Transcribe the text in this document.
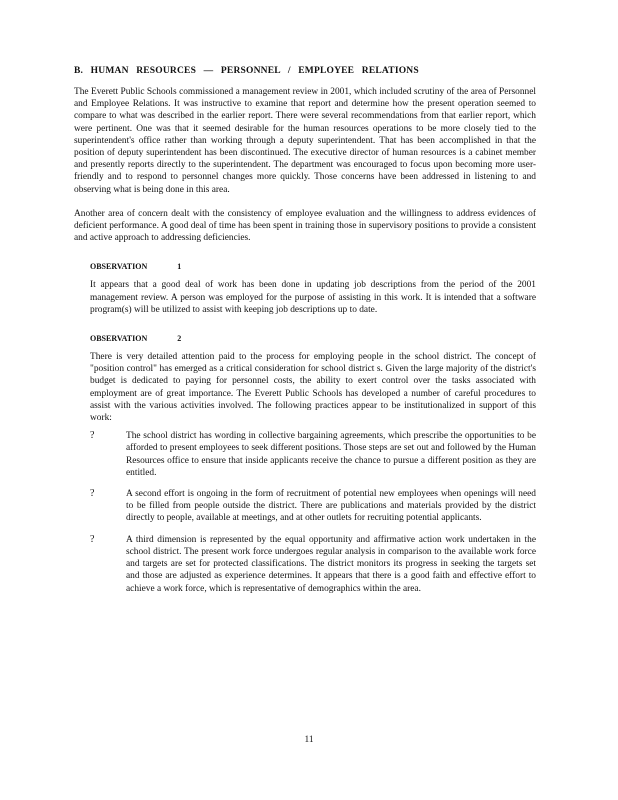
B. HUMAN RESOURCES — PERSONNEL / EMPLOYEE RELATIONS

The Everett Public Schools commissioned a management review in 2001, which included scrutiny of the area of Personnel and Employee Relations. It was instructive to examine that report and determine how the present operation seemed to compare to what was described in the earlier report. There were several recommendations from that earlier report, which were pertinent. One was that it seemed desirable for the human resources operations to be more closely tied to the superintendent's office rather than working through a deputy superintendent. That has been accomplished in that the position of deputy superintendent has been discontinued. The executive director of human resources is a cabinet member and presently reports directly to the superintendent. The department was encouraged to focus upon becoming more user-friendly and to respond to personnel changes more quickly. Those concerns have been addressed in listening to and observing what is being done in this area.

Another area of concern dealt with the consistency of employee evaluation and the willingness to address evidences of deficient performance. A good deal of time has been spent in training those in supervisory positions to provide a consistent and active approach to addressing deficiencies.

OBSERVATION	1

It appears that a good deal of work has been done in updating job descriptions from the period of the 2001 management review. A person was employed for the purpose of assisting in this work. It is intended that a software program(s) will be utilized to assist with keeping job descriptions up to date.

OBSERVATION	2

There is very detailed attention paid to the process for employing people in the school district. The concept of "position control" has emerged as a critical consideration for school district s. Given the large majority of the district's budget is dedicated to paying for personnel costs, the ability to exert control over the tasks associated with employment are of great importance. The Everett Public Schools has developed a number of careful procedures to assist with the various activities involved. The following practices appear to be institutionalized in support of this work:

?	The school district has wording in collective bargaining agreements, which prescribe the opportunities to be afforded to present employees to seek different positions. Those steps are set out and followed by the Human Resources office to ensure that inside applicants receive the chance to pursue a different position as they are entitled.

?	A second effort is ongoing in the form of recruitment of potential new employees when openings will need to be filled from people outside the district. There are publications and materials provided by the district directly to people, available at meetings, and at other outlets for recruiting potential applicants.

?	A third dimension is represented by the equal opportunity and affirmative action work undertaken in the school district. The present work force undergoes regular analysis in comparison to the available work force and targets are set for protected classifications. The district monitors its progress in seeking the targets set and those are adjusted as experience determines. It appears that there is a good faith and effective effort to achieve a work force, which is representative of demographics within the area.

11
